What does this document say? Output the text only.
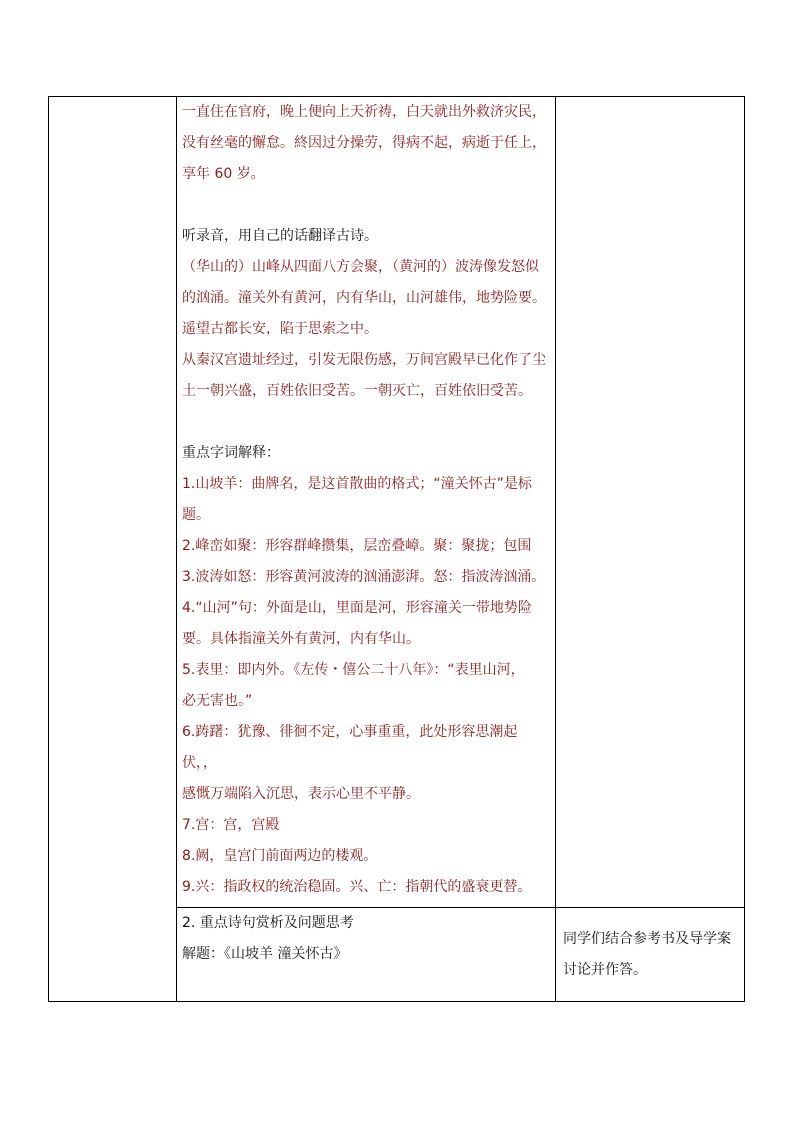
一直住在官府，晚上便向上天祈祷，白天就出外救济灾民，

没有丝毫的懈怠。終因过分操劳，得病不起，病逝于任上，

享年 60 岁。

听录音，用自己的话翻译古诗。

（华山的）山峰从四面八方会聚，（黄河的）波涛像发怒似

的汹涌。潼关外有黄河，内有华山，山河雄伟，地势险要。

遥望古都长安，陷于思索之中。

从秦汉宫遗址经过，引发无限伤感，万间宫殿早已化作了尘

土一朝兴盛，百姓依旧受苦。一朝灭亡，百姓依旧受苦。

重点字词解释：

1.山坡羊：曲牌名，是这首散曲的格式；“潼关怀古”是标

题。

2.峰峦如聚：形容群峰攒集，层峦叠嶂。聚：聚拢；包围

3.波涛如怒：形容黄河波涛的汹涌澎湃。怒：指波涛汹涌。

4.“山河”句：外面是山，里面是河，形容潼关一带地势险

要。具体指潼关外有黄河，内有华山。

5.表里：即内外。《左传・僖公二十八年》：“表里山河，

必无害也。”

6.踌躇：犹豫、徘徊不定，心事重重，此处形容思潮起伏，，

感慨万端陷入沉思，表示心里不平静。

7.宫：宫，宫殿

8.阙，皇宫门前面两边的楼观。

9.兴：指政权的统治稳固。兴、亡：指朝代的盛衰更替。

2. 重点诗句赏析及问题思考

解题：《山坡羊 潼关怀古》

同学们结合参考书及导学案

讨论并作答。
